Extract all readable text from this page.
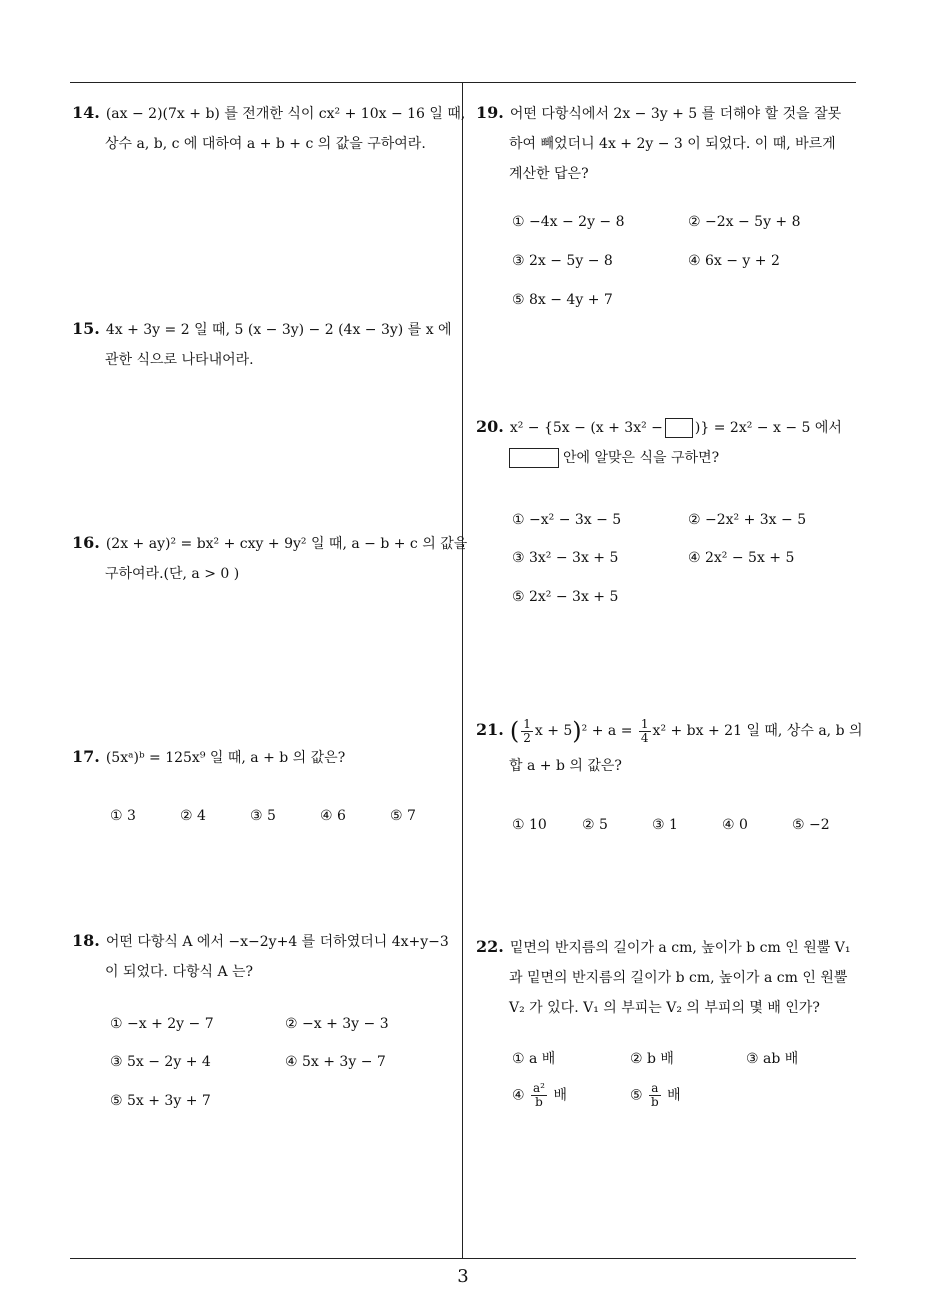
3
14. (ax − 2)(7x + b) 를 전개한 식이 cx² + 10x − 16 일 때,
상수 a, b, c 에 대하여 a + b + c 의 값을 구하여라.
15. 4x + 3y = 2 일 때, 5 (x − 3y) − 2 (4x − 3y) 를 x 에
관한 식으로 나타내어라.
16. (2x + ay)² = bx² + cxy + 9y² 일 때, a − b + c 의 값을
구하여라.(단, a > 0 )
17. (5xᵃ)ᵇ = 125x⁹ 일 때, a + b 의 값은?
① 3	② 4	③ 5	④ 6	⑤ 7
18. 어떤 다항식 A 에서 −x−2y+4 를 더하였더니 4x+y−3
이 되었다. 다항식 A 는?
① −x + 2y − 7	② −x + 3y − 3
③ 5x − 2y + 4	④ 5x + 3y − 7
⑤ 5x + 3y + 7
19. 어떤 다항식에서 2x − 3y + 5 를 더해야 할 것을 잘못
하여 빼었더니 4x + 2y − 3 이 되었다. 이 때, 바르게
계산한 답은?
① −4x − 2y − 8	② −2x − 5y + 8
③ 2x − 5y − 8	④ 6x − y + 2
⑤ 8x − 4y + 7
20. x² − {5x − (x + 3x² − )} = 2x² − x − 5 에서
안에 알맞은 식을 구하면?
① −x² − 3x − 5	② −2x² + 3x − 5
③ 3x² − 3x + 5	④ 2x² − 5x + 5
⑤ 2x² − 3x + 5
21. ( $\frac{1}{2}$ $x + 5)^2 + a = \frac{1}{4} x^2$ + bx + 21 일 때, 상수 a, b 의
합 a + b 의 값은?
① 10	② 5	③ 1	④ 0	⑤ −2
22. 밑면의 반지름의 길이가 a cm, 높이가 b cm 인 원뿔 V₁
과 밑면의 반지름의 길이가 b cm, 높이가 a cm 인 원뿔
V₂ 가 있다. V₁ 의 부피는 V₂ 의 부피의 몇 배 인가?
① a 배	② b 배	③ ab 배
④ $\frac{\text{a²}}{b}$ 배	⑤ $\frac{a}{b}$ 배
